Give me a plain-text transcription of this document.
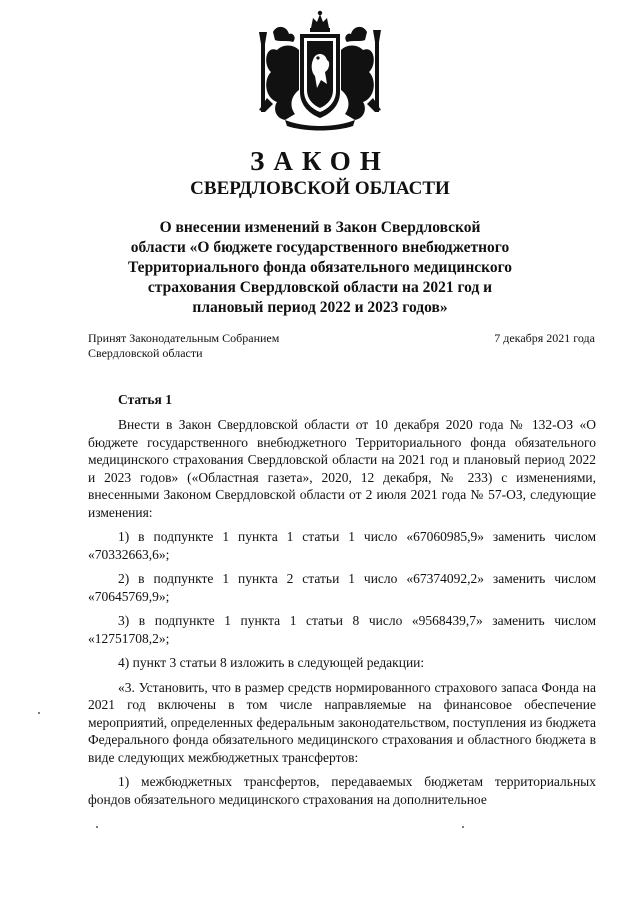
ЗАКОН
СВЕРДЛОВСКОЙ ОБЛАСТИ
О внесении изменений в Закон Свердловской
области «О бюджете государственного внебюджетного
Территориального фонда обязательного медицинского
страхования Свердловской области на 2021 год и
плановый период 2022 и 2023 годов»
Принят Законодательным Собранием
Свердловской области
7 декабря 2021 года
Статья 1

Внести в Закон Свердловской области от 10 декабря 2020 года № 132-ОЗ «О бюджете государственного внебюджетного Территориального фонда обязательного медицинского страхования Свердловской области на 2021 год и плановый период 2022 и 2023 годов» («Областная газета», 2020, 12 декабря, № 233) с изменениями, внесенными Законом Свердловской области от 2 июля 2021 года № 57-ОЗ, следующие изменения:

1) в подпункте 1 пункта 1 статьи 1 число «67060985,9» заменить числом «70332663,6»;

2) в подпункте 1 пункта 2 статьи 1 число «67374092,2» заменить числом «70645769,9»;

3) в подпункте 1 пункта 1 статьи 8 число «9568439,7» заменить числом «12751708,2»;

4) пункт 3 статьи 8 изложить в следующей редакции:

«3. Установить, что в размер средств нормированного страхового запаса Фонда на 2021 год включены в том числе направляемые на финансовое обеспечение мероприятий, определенных федеральным законодательством, поступления из бюджета Федерального фонда обязательного медицинского страхования и областного бюджета в виде следующих межбюджетных трансфертов:

1) межбюджетных трансфертов, передаваемых бюджетам территориальных фондов обязательного медицинского страхования на дополнительное
